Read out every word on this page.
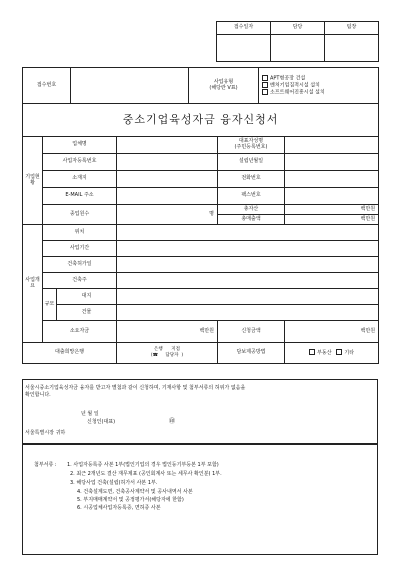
접수일자	담당	팀장

접수번호		사업유형
(해당란 V표)	
APT형공장 건설
벤처기업집적시설 설치
소프트웨어진흥시설 설치
중소기업육성자금 융자신청서					
기업현황	업체명			대표자성명
(주민등록번호)	
	사업자등록번호			설립년월일	
	소재지			전화번호	
	E-MAIL 주소			팩스번호	
	종업원수		명	총자산	백만원
				총매출액	백만원
사업개요	위치				
	사업기간				
	건축허가일				
	건축주				
	규모	대지			
		건물			
	소요자금		백만원	신청금액	백만원
대출희망은행			은행 지점
(☎ 담당자  )	담보제공방법	부동산 기타
서울시중소기업육성자금 융자를 받고자 별첨과 같이 신청하며, 기재사항 및 첨부서류의 허위가 없음을
확인합니다.
년 월 일
신청인(대표)	㊞
서울특별시장 귀하
첨부서류 : 1. 사업자등록증 사본 1부(법인기업의 경우 법인등기부등본 1부 포함)
2. 최근 2개년도 결산 재무제표 (공인회계사 또는 세무사 확인분) 1부.
3. 해당사업 건축(설립)허가서 사본 1부.
4. 건축설계도면, 건축공사계약서 및 공사내역서 사본
5. 부지매매계약서 및 공정평가서(해당자에 한함)
6. 시공업체사업자등록증, 면허증 사본
